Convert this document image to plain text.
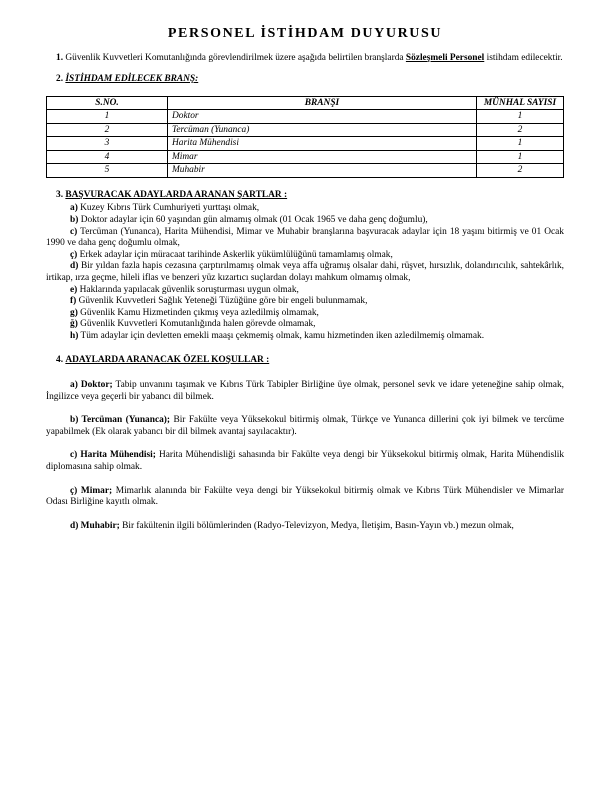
PERSONEL İSTİHDAM DUYURUSU

1. Güvenlik Kuvvetleri Komutanlığında görevlendirilmek üzere aşağıda belirtilen branşlarda Sözleşmeli Personel istihdam edilecektir.

2. İSTİHDAM EDİLECEK BRANŞ:
S.NO.	BRANŞI	MÜNHAL SAYISI
1	Doktor	1
2	Tercüman (Yunanca)	2
3	Harita Mühendisi	1
4	Mimar	1
5	Muhabir	2
3. BAŞVURACAK ADAYLARDA ARANAN ŞARTLAR :

a) Kuzey Kıbrıs Türk Cumhuriyeti yurttaşı olmak,

b) Doktor adaylar için 60 yaşından gün almamış olmak (01 Ocak 1965 ve daha genç doğumlu),

c) Tercüman (Yunanca), Harita Mühendisi, Mimar ve Muhabir branşlarına başvuracak adaylar için 18 yaşını bitirmiş ve 01 Ocak 1990 ve daha genç doğumlu olmak,

ç) Erkek adaylar için müracaat tarihinde Askerlik yükümlülüğünü tamamlamış olmak,

d) Bir yıldan fazla hapis cezasına çarptırılmamış olmak veya affa uğramış olsalar dahi, rüşvet, hırsızlık, dolandırıcılık, sahtekârlık, irtikap, ırza geçme, hileli iflas ve benzeri yüz kızartıcı suçlardan dolayı mahkum olmamış olmak,

e) Haklarında yapılacak güvenlik soruşturması uygun olmak,

f) Güvenlik Kuvvetleri Sağlık Yeteneği Tüzüğüne göre bir engeli bulunmamak,

g) Güvenlik Kamu Hizmetinden çıkmış veya azledilmiş olmamak,

ğ) Güvenlik Kuvvetleri Komutanlığında halen görevde olmamak,

h) Tüm adaylar için devletten emekli maaşı çekmemiş olmak, kamu hizmetinden iken azledilmemiş olmamak.

4. ADAYLARDA ARANACAK ÖZEL KOŞULLAR :

a) Doktor; Tabip unvanını taşımak ve Kıbrıs Türk Tabipler Birliğine üye olmak, personel sevk ve idare yeteneğine sahip olmak, İngilizce veya geçerli bir yabancı dil bilmek.

b) Tercüman (Yunanca); Bir Fakülte veya Yüksekokul bitirmiş olmak, Türkçe ve Yunanca dillerini çok iyi bilmek ve tercüme yapabilmek (Ek olarak yabancı bir dil bilmek avantaj sayılacaktır).

c) Harita Mühendisi; Harita Mühendisliği sahasında bir Fakülte veya dengi bir Yüksekokul bitirmiş olmak, Harita Mühendislik diplomasına sahip olmak.

ç) Mimar; Mimarlık alanında bir Fakülte veya dengi bir Yüksekokul bitirmiş olmak ve Kıbrıs Türk Mühendisler ve Mimarlar Odası Birliğine kayıtlı olmak.

d) Muhabir; Bir fakültenin ilgili bölümlerinden (Radyo-Televizyon, Medya, İletişim, Basın-Yayın vb.) mezun olmak,
